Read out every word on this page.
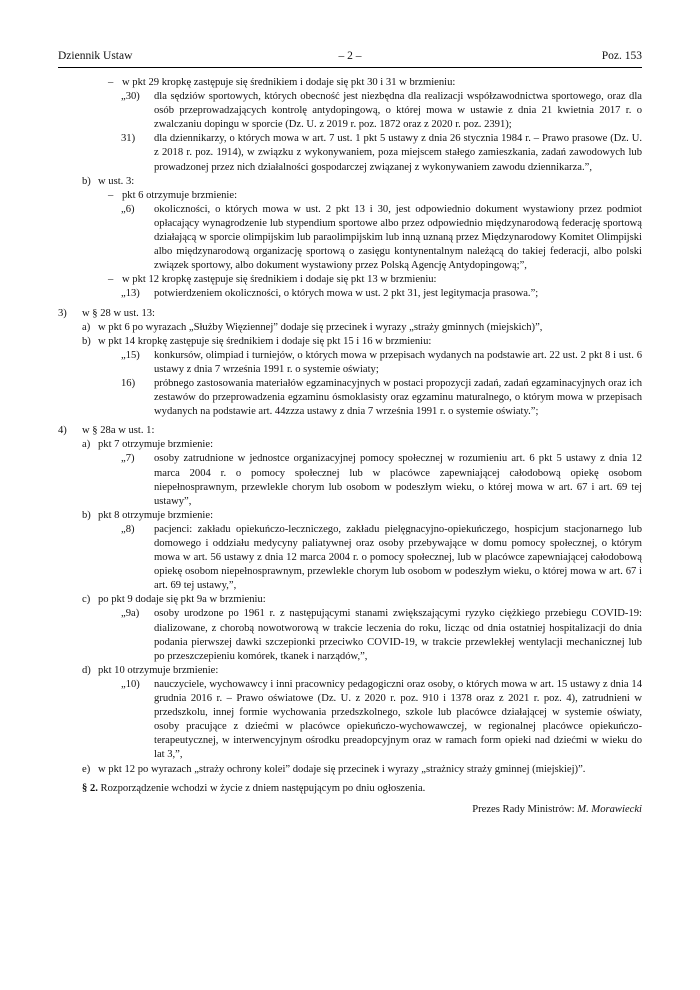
Dziennik Ustaw	– 2 –	Poz. 153
– w pkt 29 kropkę zastępuje się średnikiem i dodaje się pkt 30 i 31 w brzmieniu:
„30) dla sędziów sportowych, których obecność jest niezbędna dla realizacji współzawodnictwa sportowego, oraz dla osób przeprowadzających kontrolę antydopingową, o której mowa w ustawie z dnia 21 kwietnia 2017 r. o zwalczaniu dopingu w sporcie (Dz. U. z 2019 r. poz. 1872 oraz z 2020 r. poz. 2391);
31) dla dziennikarzy, o których mowa w art. 7 ust. 1 pkt 5 ustawy z dnia 26 stycznia 1984 r. – Prawo prasowe (Dz. U. z 2018 r. poz. 1914), w związku z wykonywaniem, poza miejscem stałego zamieszkania, zadań zawodowych lub prowadzonej przez nich działalności gospodarczej związanej z wykonywaniem zawodu dziennikarza.”,
b) w ust. 3:
– pkt 6 otrzymuje brzmienie:
„6) okoliczności, o których mowa w ust. 2 pkt 13 i 30, jest odpowiednio dokument wystawiony przez podmiot opłacający wynagrodzenie lub stypendium sportowe albo przez odpowiednio międzynarodową federację sportową działającą w sporcie olimpijskim lub paraolimpijskim lub inną uznaną przez Międzynarodowy Komitet Olimpijski albo międzynarodową organizację sportową o zasięgu kontynentalnym należącą do takiej federacji, albo polski związek sportowy, albo dokument wystawiony przez Polską Agencję Antydopingową;”,
– w pkt 12 kropkę zastępuje się średnikiem i dodaje się pkt 13 w brzmieniu:
„13) potwierdzeniem okoliczności, o których mowa w ust. 2 pkt 31, jest legitymacja prasowa.”;
3) w § 28 w ust. 13:
a) w pkt 6 po wyrazach „Służby Więziennej” dodaje się przecinek i wyrazy „straży gminnych (miejskich)”,
b) w pkt 14 kropkę zastępuje się średnikiem i dodaje się pkt 15 i 16 w brzmieniu:
„15) konkursów, olimpiad i turniejów, o których mowa w przepisach wydanych na podstawie art. 22 ust. 2 pkt 8 i ust. 6 ustawy z dnia 7 września 1991 r. o systemie oświaty;
16) próbnego zastosowania materiałów egzaminacyjnych w postaci propozycji zadań, zadań egzaminacyjnych oraz ich zestawów do przeprowadzenia egzaminu ósmoklasisty oraz egzaminu maturalnego, o którym mowa w przepisach wydanych na podstawie art. 44zzza ustawy z dnia 7 września 1991 r. o systemie oświaty.”;
4) w § 28a w ust. 1:
a) pkt 7 otrzymuje brzmienie:
„7) osoby zatrudnione w jednostce organizacyjnej pomocy społecznej w rozumieniu art. 6 pkt 5 ustawy z dnia 12 marca 2004 r. o pomocy społecznej lub w placówce zapewniającej całodobową opiekę osobom niepełnosprawnym, przewlekle chorym lub osobom w podeszłym wieku, o której mowa w art. 67 i art. 69 tej ustawy”,
b) pkt 8 otrzymuje brzmienie:
„8) pacjenci: zakładu opiekuńczo-leczniczego, zakładu pielęgnacyjno-opiekuńczego, hospicjum stacjonarnego lub domowego i oddziału medycyny paliatywnej oraz osoby przebywające w domu pomocy społecznej, o którym mowa w art. 56 ustawy z dnia 12 marca 2004 r. o pomocy społecznej, lub w placówce zapewniającej całodobową opiekę osobom niepełnosprawnym, przewlekle chorym lub osobom w podeszłym wieku, o której mowa w art. 67 i art. 69 tej ustawy,”,
c) po pkt 9 dodaje się pkt 9a w brzmieniu:
„9a) osoby urodzone po 1961 r. z następującymi stanami zwiększającymi ryzyko ciężkiego przebiegu COVID-19: dializowane, z chorobą nowotworową w trakcie leczenia do roku, licząc od dnia ostatniej hospitalizacji do dnia podania pierwszej dawki szczepionki przeciwko COVID-19, w trakcie przewlekłej wentylacji mechanicznej lub po przeszczepieniu komórek, tkanek i narządów,”,
d) pkt 10 otrzymuje brzmienie:
„10) nauczyciele, wychowawcy i inni pracownicy pedagogiczni oraz osoby, o których mowa w art. 15 ustawy z dnia 14 grudnia 2016 r. – Prawo oświatowe (Dz. U. z 2020 r. poz. 910 i 1378 oraz z 2021 r. poz. 4), zatrudnieni w przedszkolu, innej formie wychowania przedszkolnego, szkole lub placówce działającej w systemie oświaty, osoby pracujące z dziećmi w placówce opiekuńczo-wychowawczej, w regionalnej placówce opiekuńczo-terapeutycznej, w interwencyjnym ośrodku preadopcyjnym oraz w ramach form opieki nad dziećmi w wieku do lat 3,”,
e) w pkt 12 po wyrazach „straży ochrony kolei” dodaje się przecinek i wyrazy „strażnicy straży gminnej (miejskiej)”.
§ 2. Rozporządzenie wchodzi w życie z dniem następującym po dniu ogłoszenia.
Prezes Rady Ministrów: M. Morawiecki
